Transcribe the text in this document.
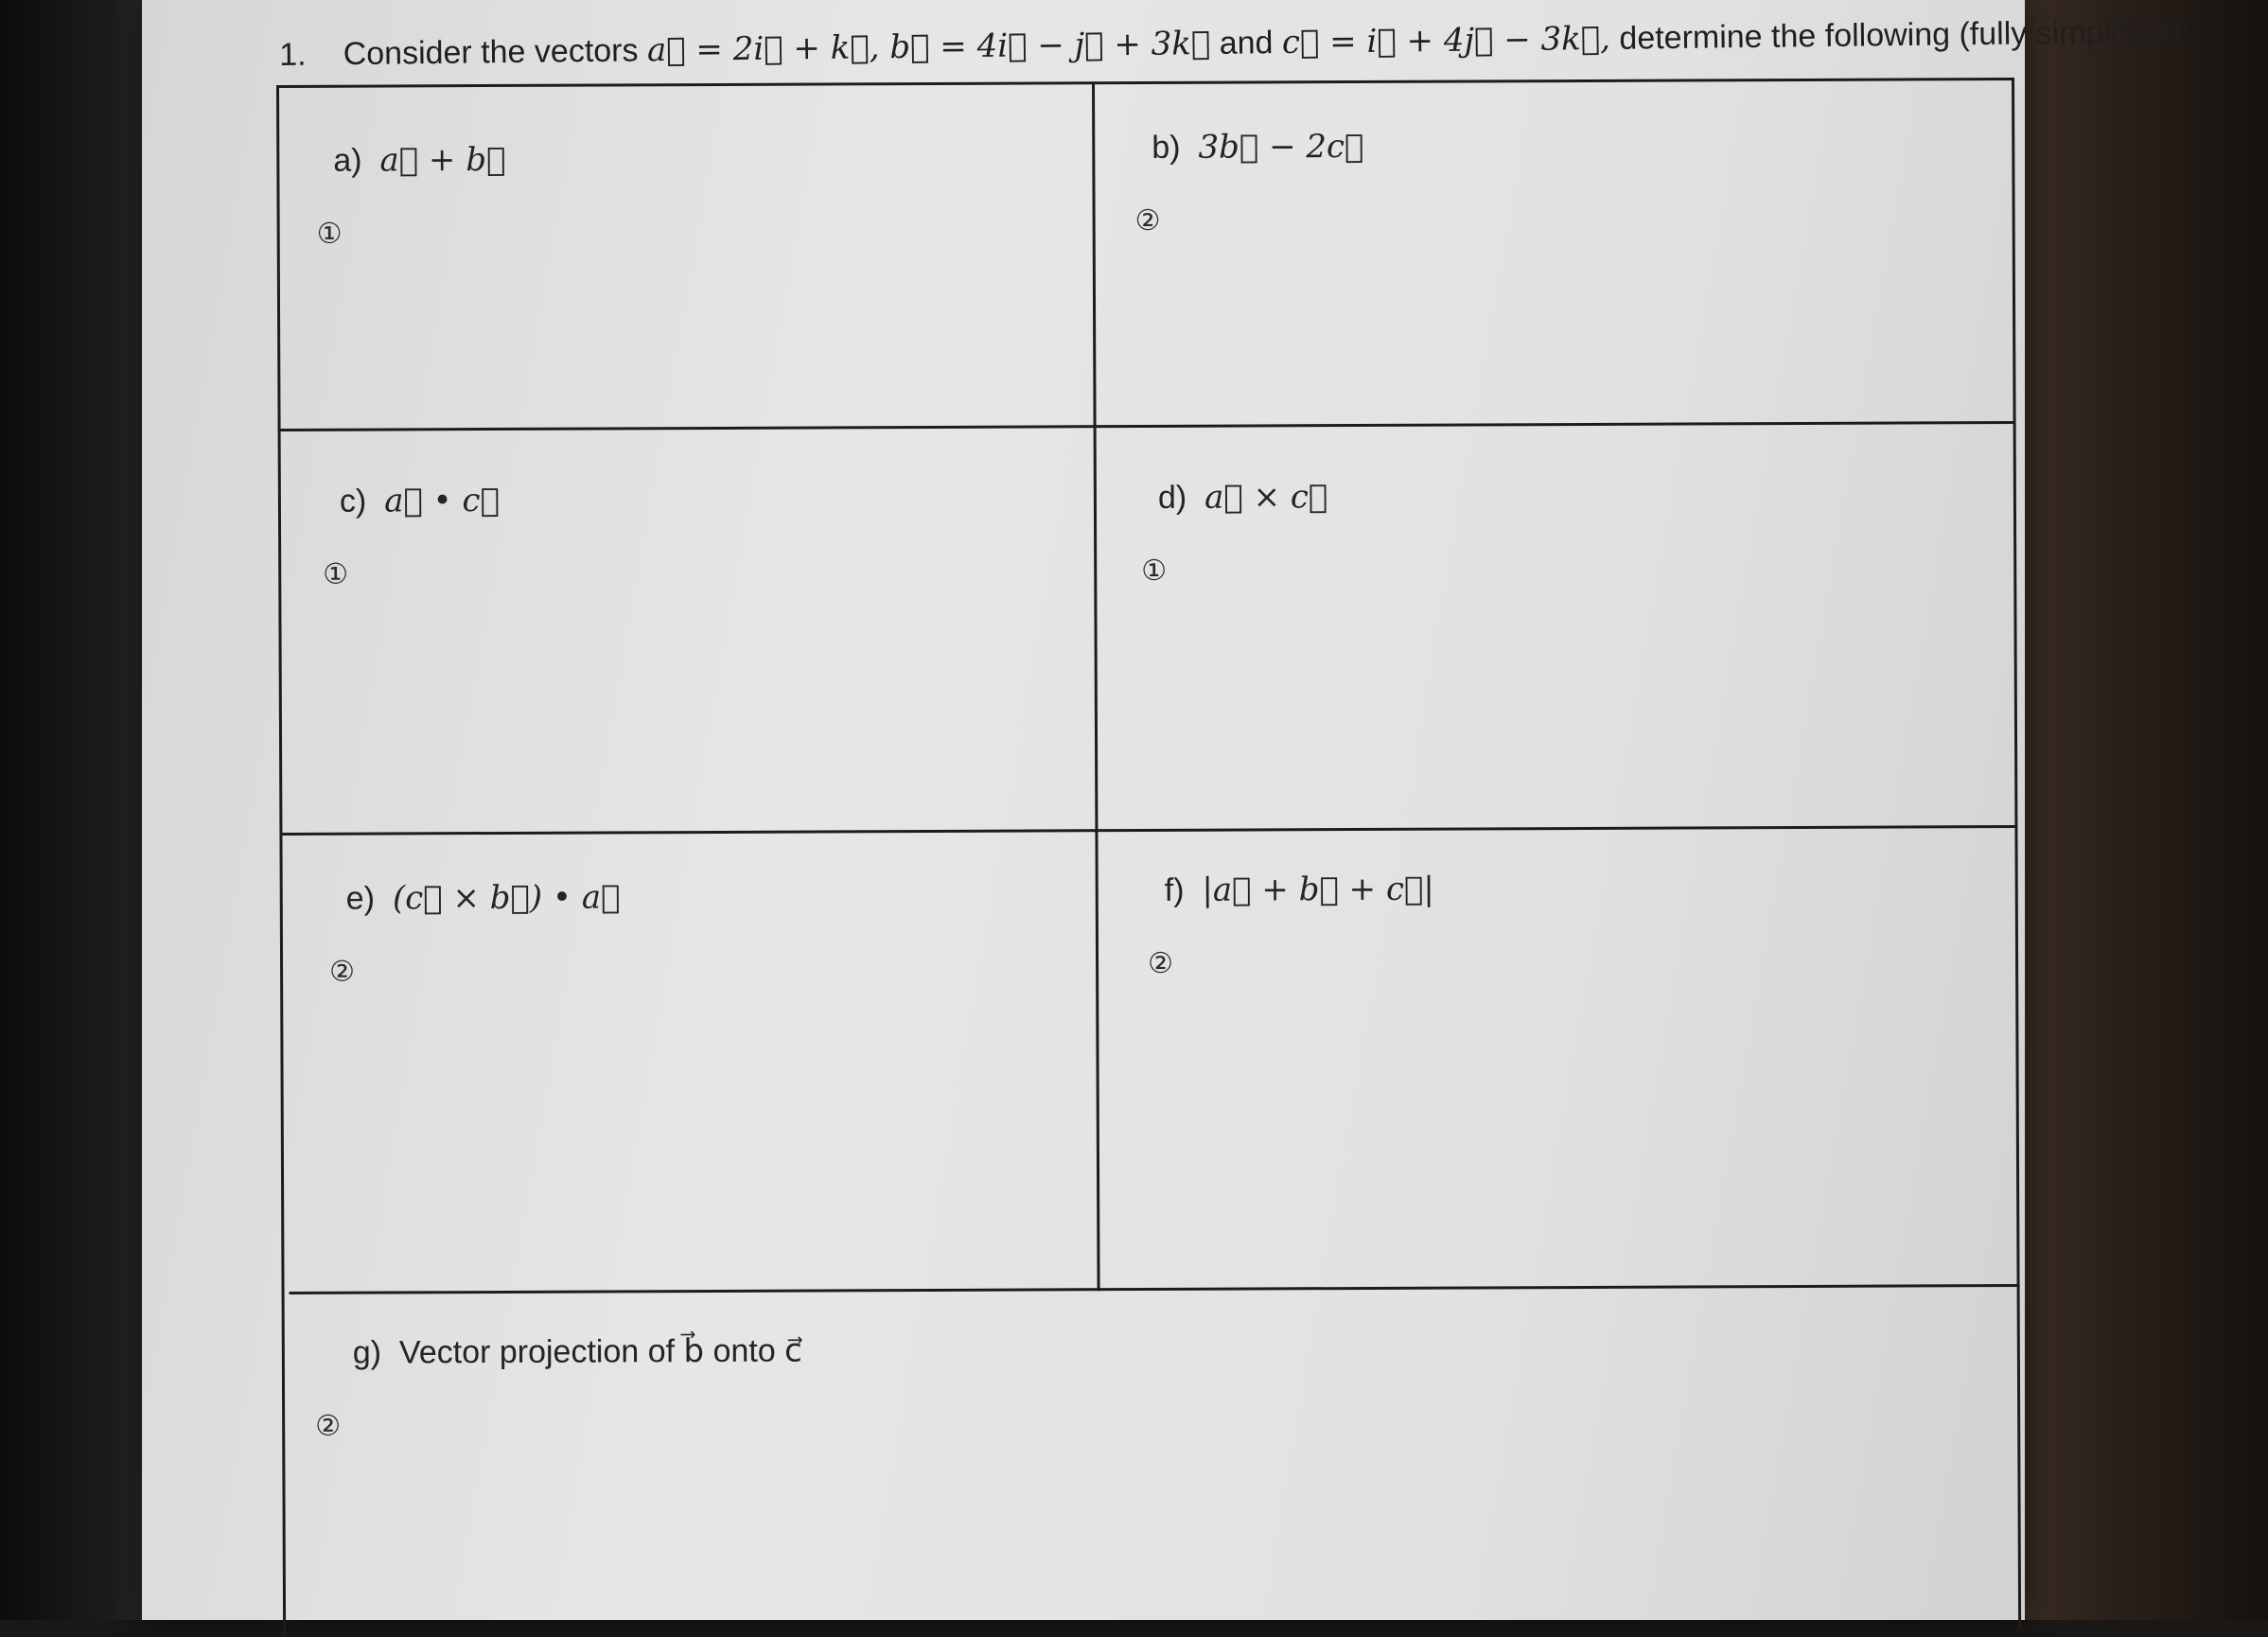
1. Consider the vectors a⃗ = 2i⃗ + k⃗, b⃗ = 4i⃗ − j⃗ + 3k⃗ and c⃗ = i⃗ + 4j⃗ − 3k⃗, determine the following (fully simplified):
a) a⃗ + b⃗
①
b) 3b⃗ − 2c⃗
②
c) a⃗ • c⃗
①
d) a⃗ × c⃗
①
e) (c⃗ × b⃗) • a⃗
②
f) |a⃗ + b⃗ + c⃗|
②
g) Vector projection of b⃗ onto c⃗
②
